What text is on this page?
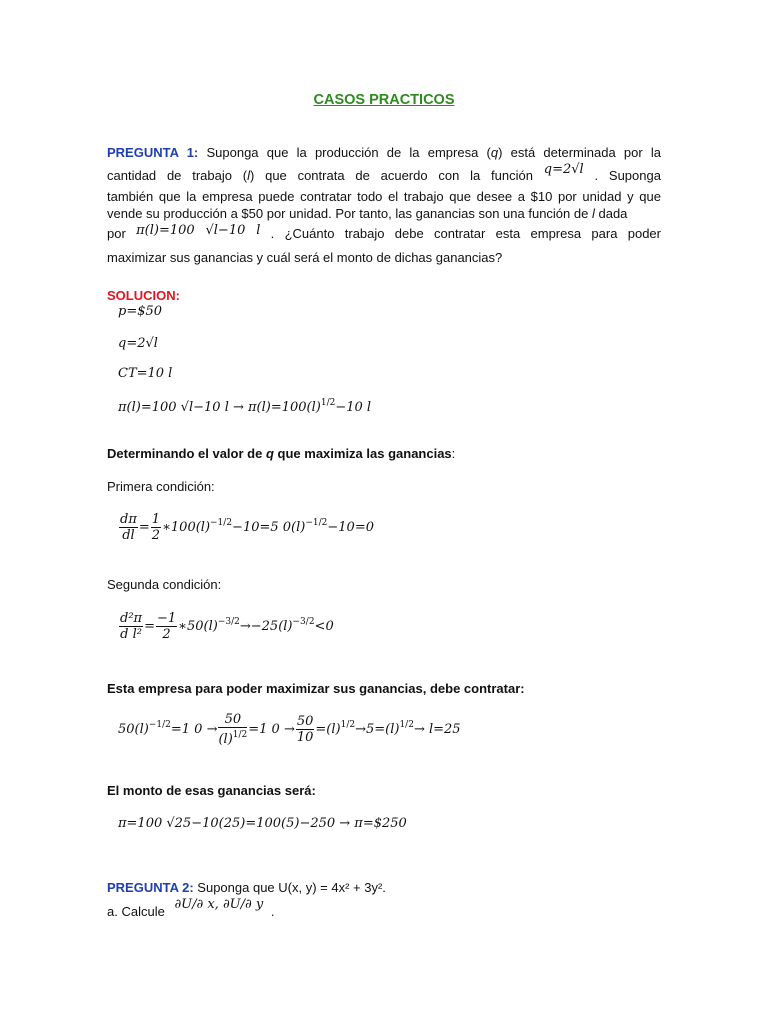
CASOS PRACTICOS
PREGUNTA 1: Suponga que la producción de la empresa (q) está determinada por la
cantidad de trabajo (l) que contrata de acuerdo con la función q=2√l . Suponga
también que la empresa puede contratar todo el trabajo que desee a $10 por unidad y que
vende su producción a $50 por unidad. Por tanto, las ganancias son una función de l dada
por π(l)=100 √l−10 l . ¿Cuánto trabajo debe contratar esta empresa para poder
maximizar sus ganancias y cuál será el monto de dichas ganancias?
SOLUCION:
p=$50
q=2√l
CT=10 l
π(l)=100 √l−10 $l \to \pi(l)=100(l)^{1/2}-10$ l
Determinando el valor de q que maximiza las ganancias:
Primera condición:
$\frac{d\pi}{dl} = \frac{1}{2}$ $∗100(l)^{-1/2}-10=5$ $0(l)^{-1/2}-10=0$
Segunda condición:
$\frac{\text{d²π}}{\text{d l²}} = \frac{-1}{2}$ $∗50(l)^{-3/2}\to-25(l)^{-3/2}<0$
Esta empresa para poder maximizar sus ganancias, debe contratar:
$50(l)^{-1/2}=1$ $0 \to \frac{50}{(l)^{1/2}} =1$ $0 \to \frac{50}{10} =(l)^{1/2}\to 5=(l)^{1/2}\to l=25$
El monto de esas ganancias será:
π=100 √25−10(25)=100(5)−250 → π=$250
PREGUNTA 2: Suponga que U(x, y) = 4x² + 3y².
a. Calcule ∂U/∂ x, ∂U/∂ y .
